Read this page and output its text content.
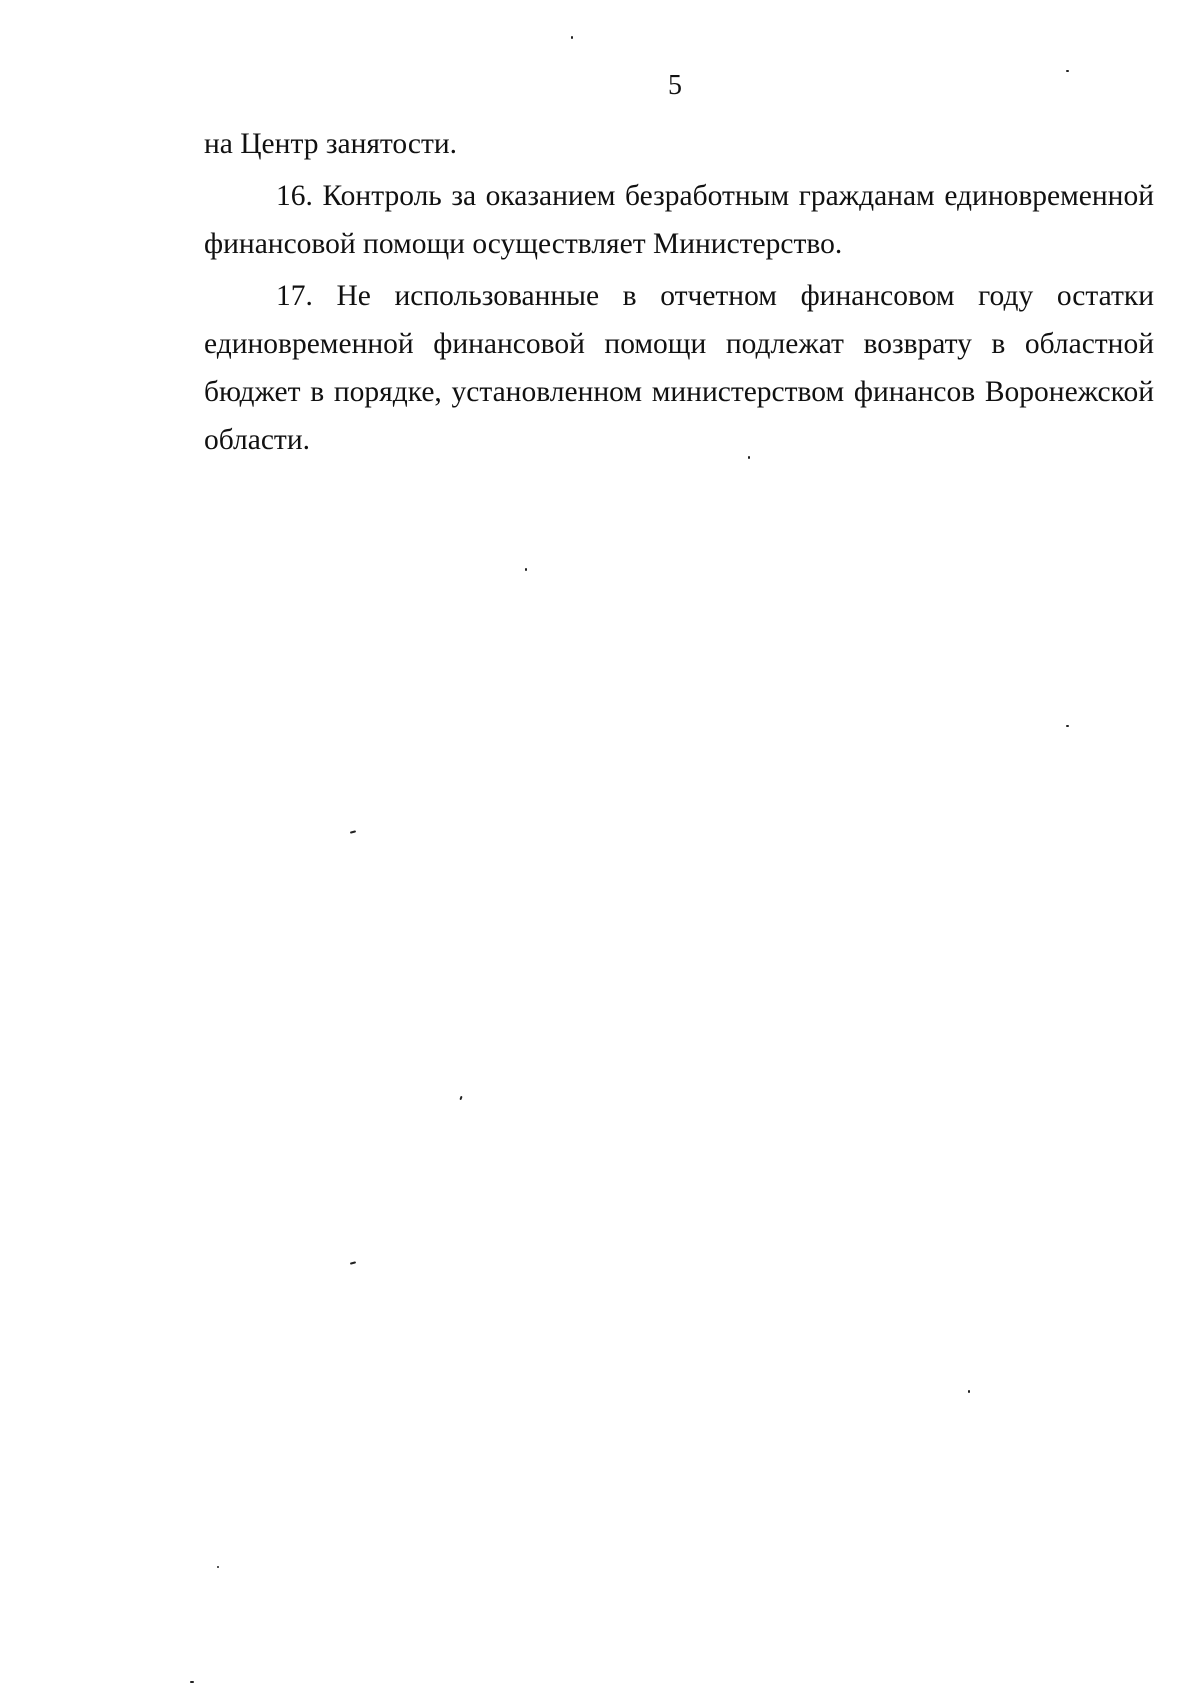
5

на Центр занятости.

16. Контроль за оказанием безработным гражданам единовременной финансовой помощи осуществляет Министерство.

17. Не использованные в отчетном финансовом году остатки единовременной финансовой помощи подлежат возврату в областной бюджет в порядке, установленном министерством финансов Воронежской области.
